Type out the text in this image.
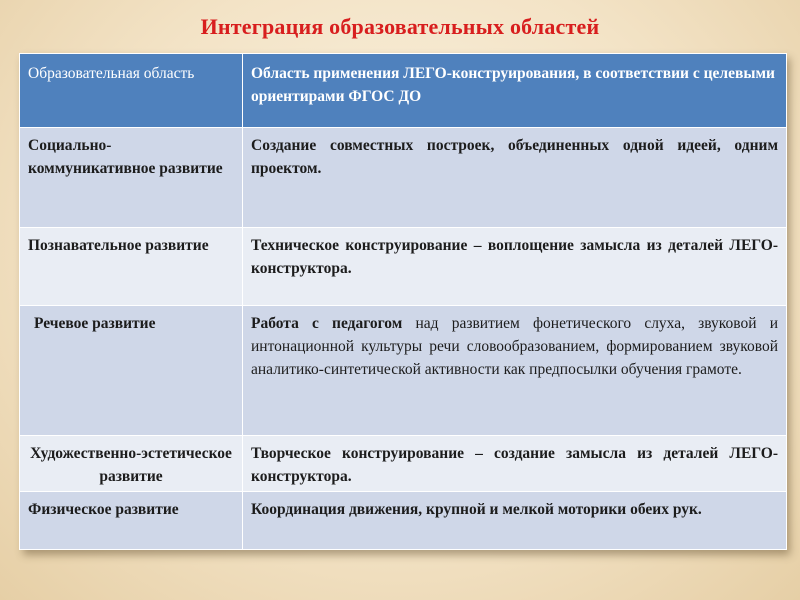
Интеграция образовательных областей
Образовательная область	Область применения ЛЕГО-конструирования, в соответствии с целевыми ориентирами ФГОС ДО
Социально-коммуникативное развитие	Создание совместных построек, объединенных одной идеей, одним проектом.
Познавательное развитие	Техническое конструирование – воплощение замысла из деталей ЛЕГО-конструктора.
Речевое развитие	Работа с педагогом над развитием фонетического слуха, звуковой и интонационной культуры речи словообразованием, формированием звуковой аналитико-синтетической активности как предпосылки обучения грамоте.
Художественно-эстетическое развитие	Творческое конструирование – создание замысла из деталей ЛЕГО-конструктора.
Физическое развитие	Координация движения, крупной и мелкой моторики обеих рук.
